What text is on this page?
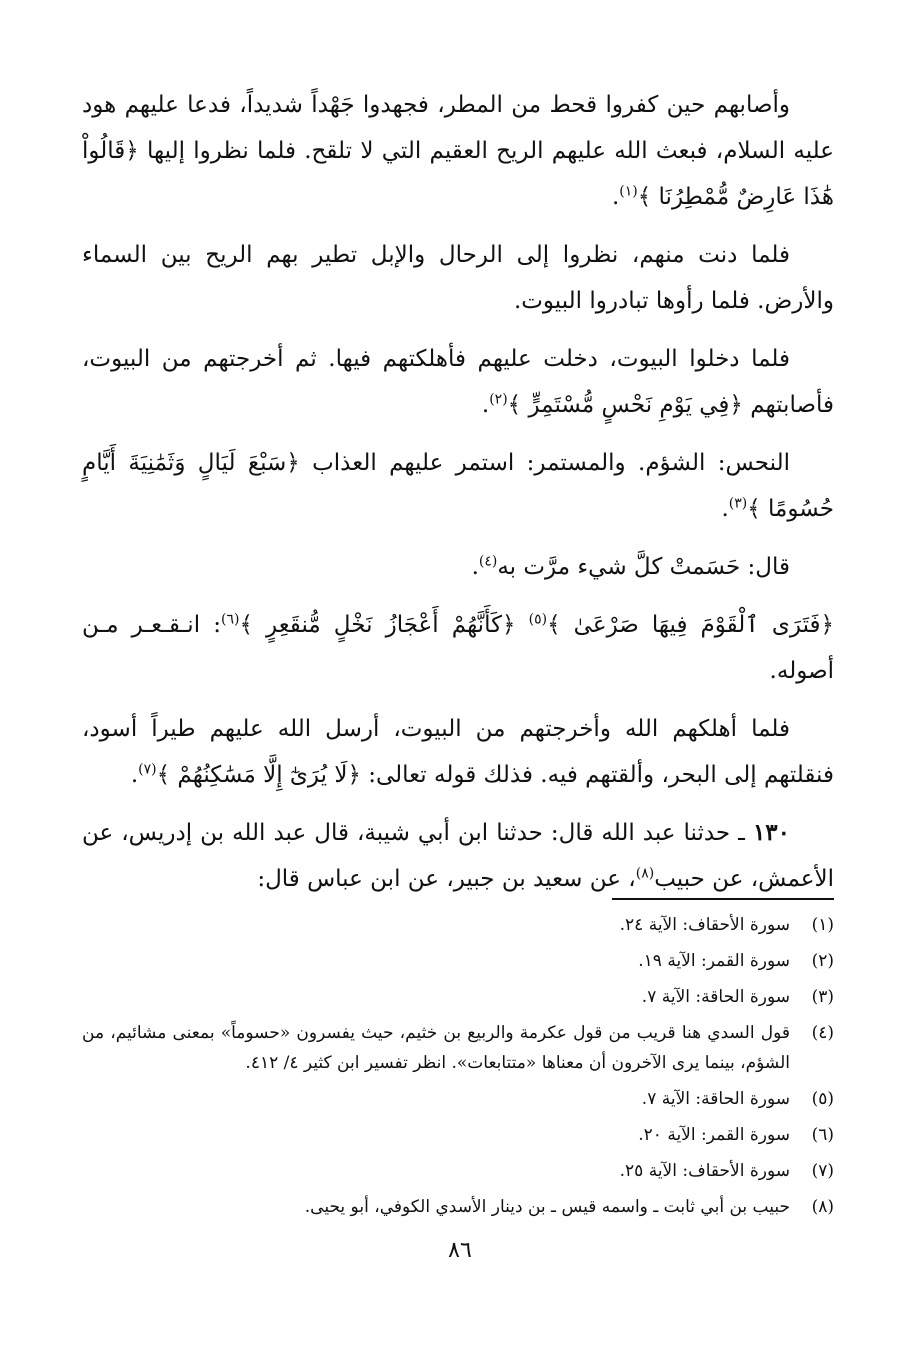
وأصابهم حين كفروا قحط من المطر، فجهدوا جَهْداً شديداً، فدعا عليهم هود عليه السلام، فبعث الله عليهم الريح العقيم التي لا تلقح. فلما نظروا إليها ﴿قَالُواْ هَٰذَا عَارِضٌ مُّمْطِرُنَا ﴾$^{(١)}$.

فلما دنت منهم، نظروا إلى الرحال والإبل تطير بهم الريح بين السماء والأرض. فلما رأوها تبادروا البيوت.

فلما دخلوا البيوت، دخلت عليهم فأهلكتهم فيها. ثم أخرجتهم من البيوت، فأصابتهم ﴿فِي يَوْمِ نَحْسٍ مُّسْتَمِرٍّ ﴾$^{(٢)}$.

النحس: الشؤم. والمستمر: استمر عليهم العذاب ﴿سَبْعَ لَيَالٍ وَثَمَٰنِيَةَ أَيَّامٍ حُسُومًا ﴾$^{(٣)}$.

قال: حَسَمتْ كلَّ شيء مرَّت به$^{(٤)}$.

﴿فَتَرَى ٱلْقَوْمَ فِيهَا صَرْعَىٰ ﴾$^{(٥)}$ ﴿كَأَنَّهُمْ أَعْجَازُ نَخْلٍ مُّنقَعِرٍ ﴾$^{(٦)}$: انـقـعـر مـن أصوله.

فلما أهلكهم الله وأخرجتهم من البيوت، أرسل الله عليهم طيراً أسود، فنقلتهم إلى البحر، وألقتهم فيه. فذلك قوله تعالى: ﴿لَا يُرَىٰٓ إِلَّا مَسَٰكِنُهُمْ ﴾$^{(٧)}$.

١٣٠ ـ حدثنا عبد الله قال: حدثنا ابن أبي شيبة، قال عبد الله بن إدريس، عن الأعمش، عن حبيب$^{(٨)}$، عن سعيد بن جبير، عن ابن عباس قال:

(١)
سورة الأحقاف: الآية ٢٤.
(٢)
سورة القمر: الآية ١٩.
(٣)
سورة الحاقة: الآية ٧.
(٤)
قول السدي هنا قريب من قول عكرمة والربيع بن خثيم، حيث يفسرون «حسوماً» بمعنى مشائيم، من الشؤم، بينما يرى الآخرون أن معناها «متتابعات». انظر تفسير ابن كثير ٤/ ٤١٢.
(٥)
سورة الحاقة: الآية ٧.
(٦)
سورة القمر: الآية ٢٠.
(٧)
سورة الأحقاف: الآية ٢٥.
(٨)
حبيب بن أبي ثابت ـ واسمه قيس ـ بن دينار الأسدي الكوفي، أبو يحيى.
٨٦
